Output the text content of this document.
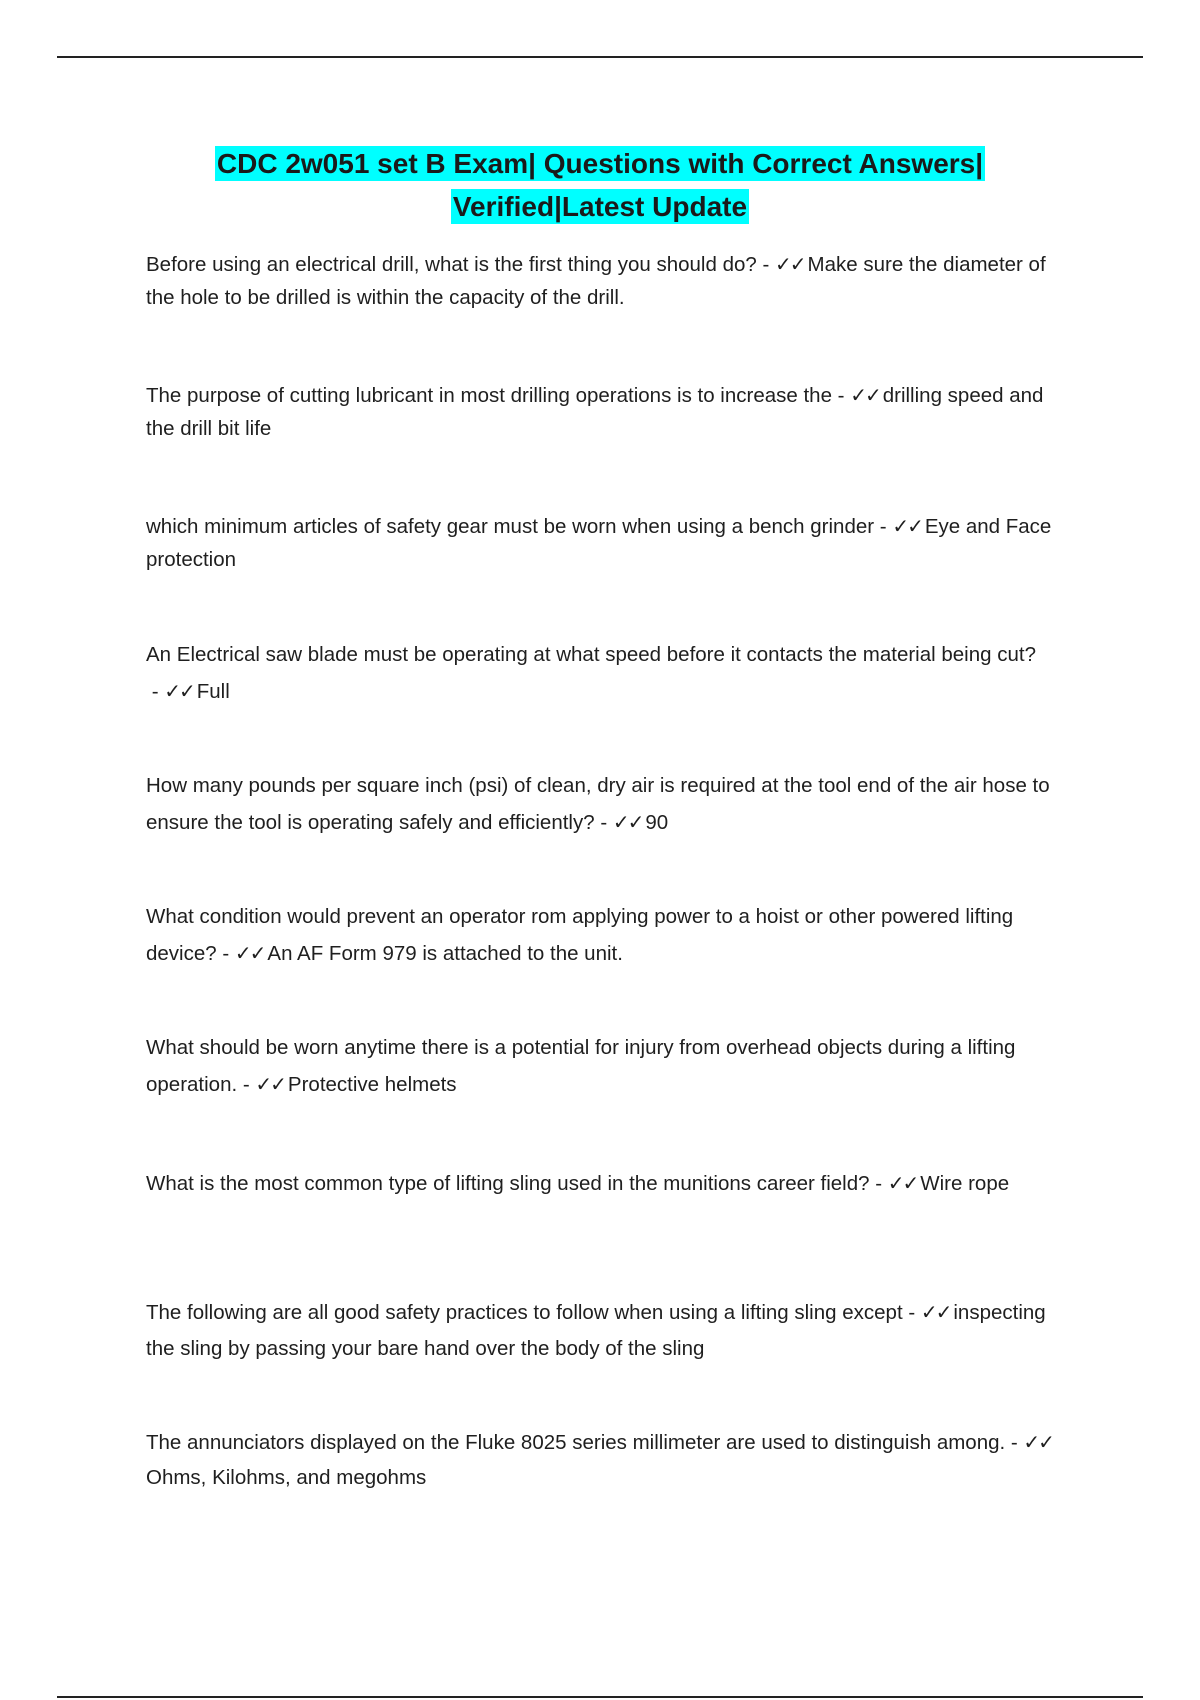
CDC 2w051 set B Exam| Questions with Correct Answers|
Verified|Latest Update
Before using an electrical drill, what is the first thing you should do? - ✓✓ Make sure the diameter of the hole to be drilled is within the capacity of the drill.
The purpose of cutting lubricant in most drilling operations is to increase the - ✓✓ drilling speed and the drill bit life
which minimum articles of safety gear must be worn when using a bench grinder - ✓✓ Eye and Face protection
An Electrical saw blade must be operating at what speed before it contacts the material being cut? - ✓✓ Full
How many pounds per square inch (psi) of clean, dry air is required at the tool end of the air hose to ensure the tool is operating safely and efficiently? - ✓✓ 90
What condition would prevent an operator rom applying power to a hoist or other powered lifting device? - ✓✓ An AF Form 979 is attached to the unit.
What should be worn anytime there is a potential for injury from overhead objects during a lifting operation. - ✓✓ Protective helmets
What is the most common type of lifting sling used in the munitions career field? - ✓✓ Wire rope
The following are all good safety practices to follow when using a lifting sling except - ✓✓ inspecting the sling by passing your bare hand over the body of the sling
The annunciators displayed on the Fluke 8025 series millimeter are used to distinguish among. - ✓✓Ohms, Kilohms, and megohms
